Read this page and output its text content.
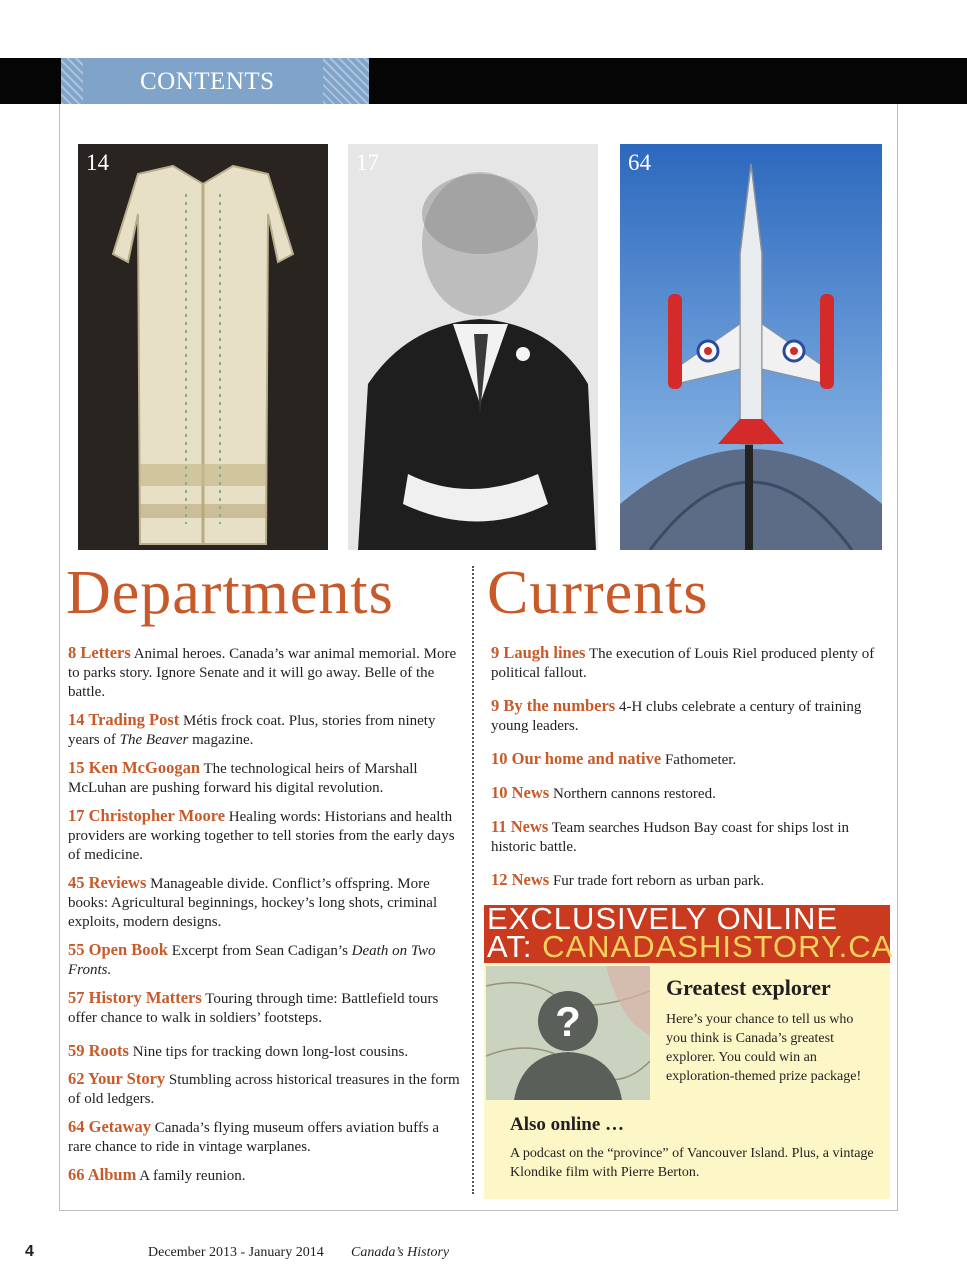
CONTENTS
14	17	64
Departments Currents
8 Letters Animal heroes. Canada’s war animal memorial. More to parks story. Ignore Senate and it will go away. Belle of the battle.
14 Trading Post Métis frock coat. Plus, stories from ninety years of The Beaver magazine.
15 Ken McGoogan The technological heirs of Marshall McLuhan are pushing forward his digital revolution.
17 Christopher Moore Healing words: Historians and health providers are working together to tell stories from the early days of medicine.
45 Reviews Manageable divide. Conflict’s offspring. More books: Agricultural beginnings, hockey’s long shots, criminal exploits, modern designs.
55 Open Book Excerpt from Sean Cadigan’s Death on Two Fronts.
57 History Matters Touring through time: Battlefield tours offer chance to walk in soldiers’ footsteps.
59 Roots Nine tips for tracking down long-lost cousins.
62 Your Story Stumbling across historical treasures in the form of old ledgers.
64 Getaway Canada’s flying museum offers aviation buffs a rare chance to ride in vintage warplanes.
66 Album A family reunion.
9 Laugh lines The execution of Louis Riel produced plenty of political fallout.
9 By the numbers 4-H clubs celebrate a century of training young leaders.
10 Our home and native Fathometer.
10 News Northern cannons restored.
11 News Team searches Hudson Bay coast for ships lost in historic battle.
12 News Fur trade fort reborn as urban park.
EXCLUSIVELY ONLINE
AT: CANADASHISTORY.CA
?
Greatest explorer
Here’s your chance to tell us who you think is Canada’s greatest explorer. You could win an exploration-themed prize package!
Also online …
A podcast on the “province” of Vancouver Island. Plus, a vintage Klondike film with Pierre Berton.
4	December 2013 - January 2014 Canada’s History
